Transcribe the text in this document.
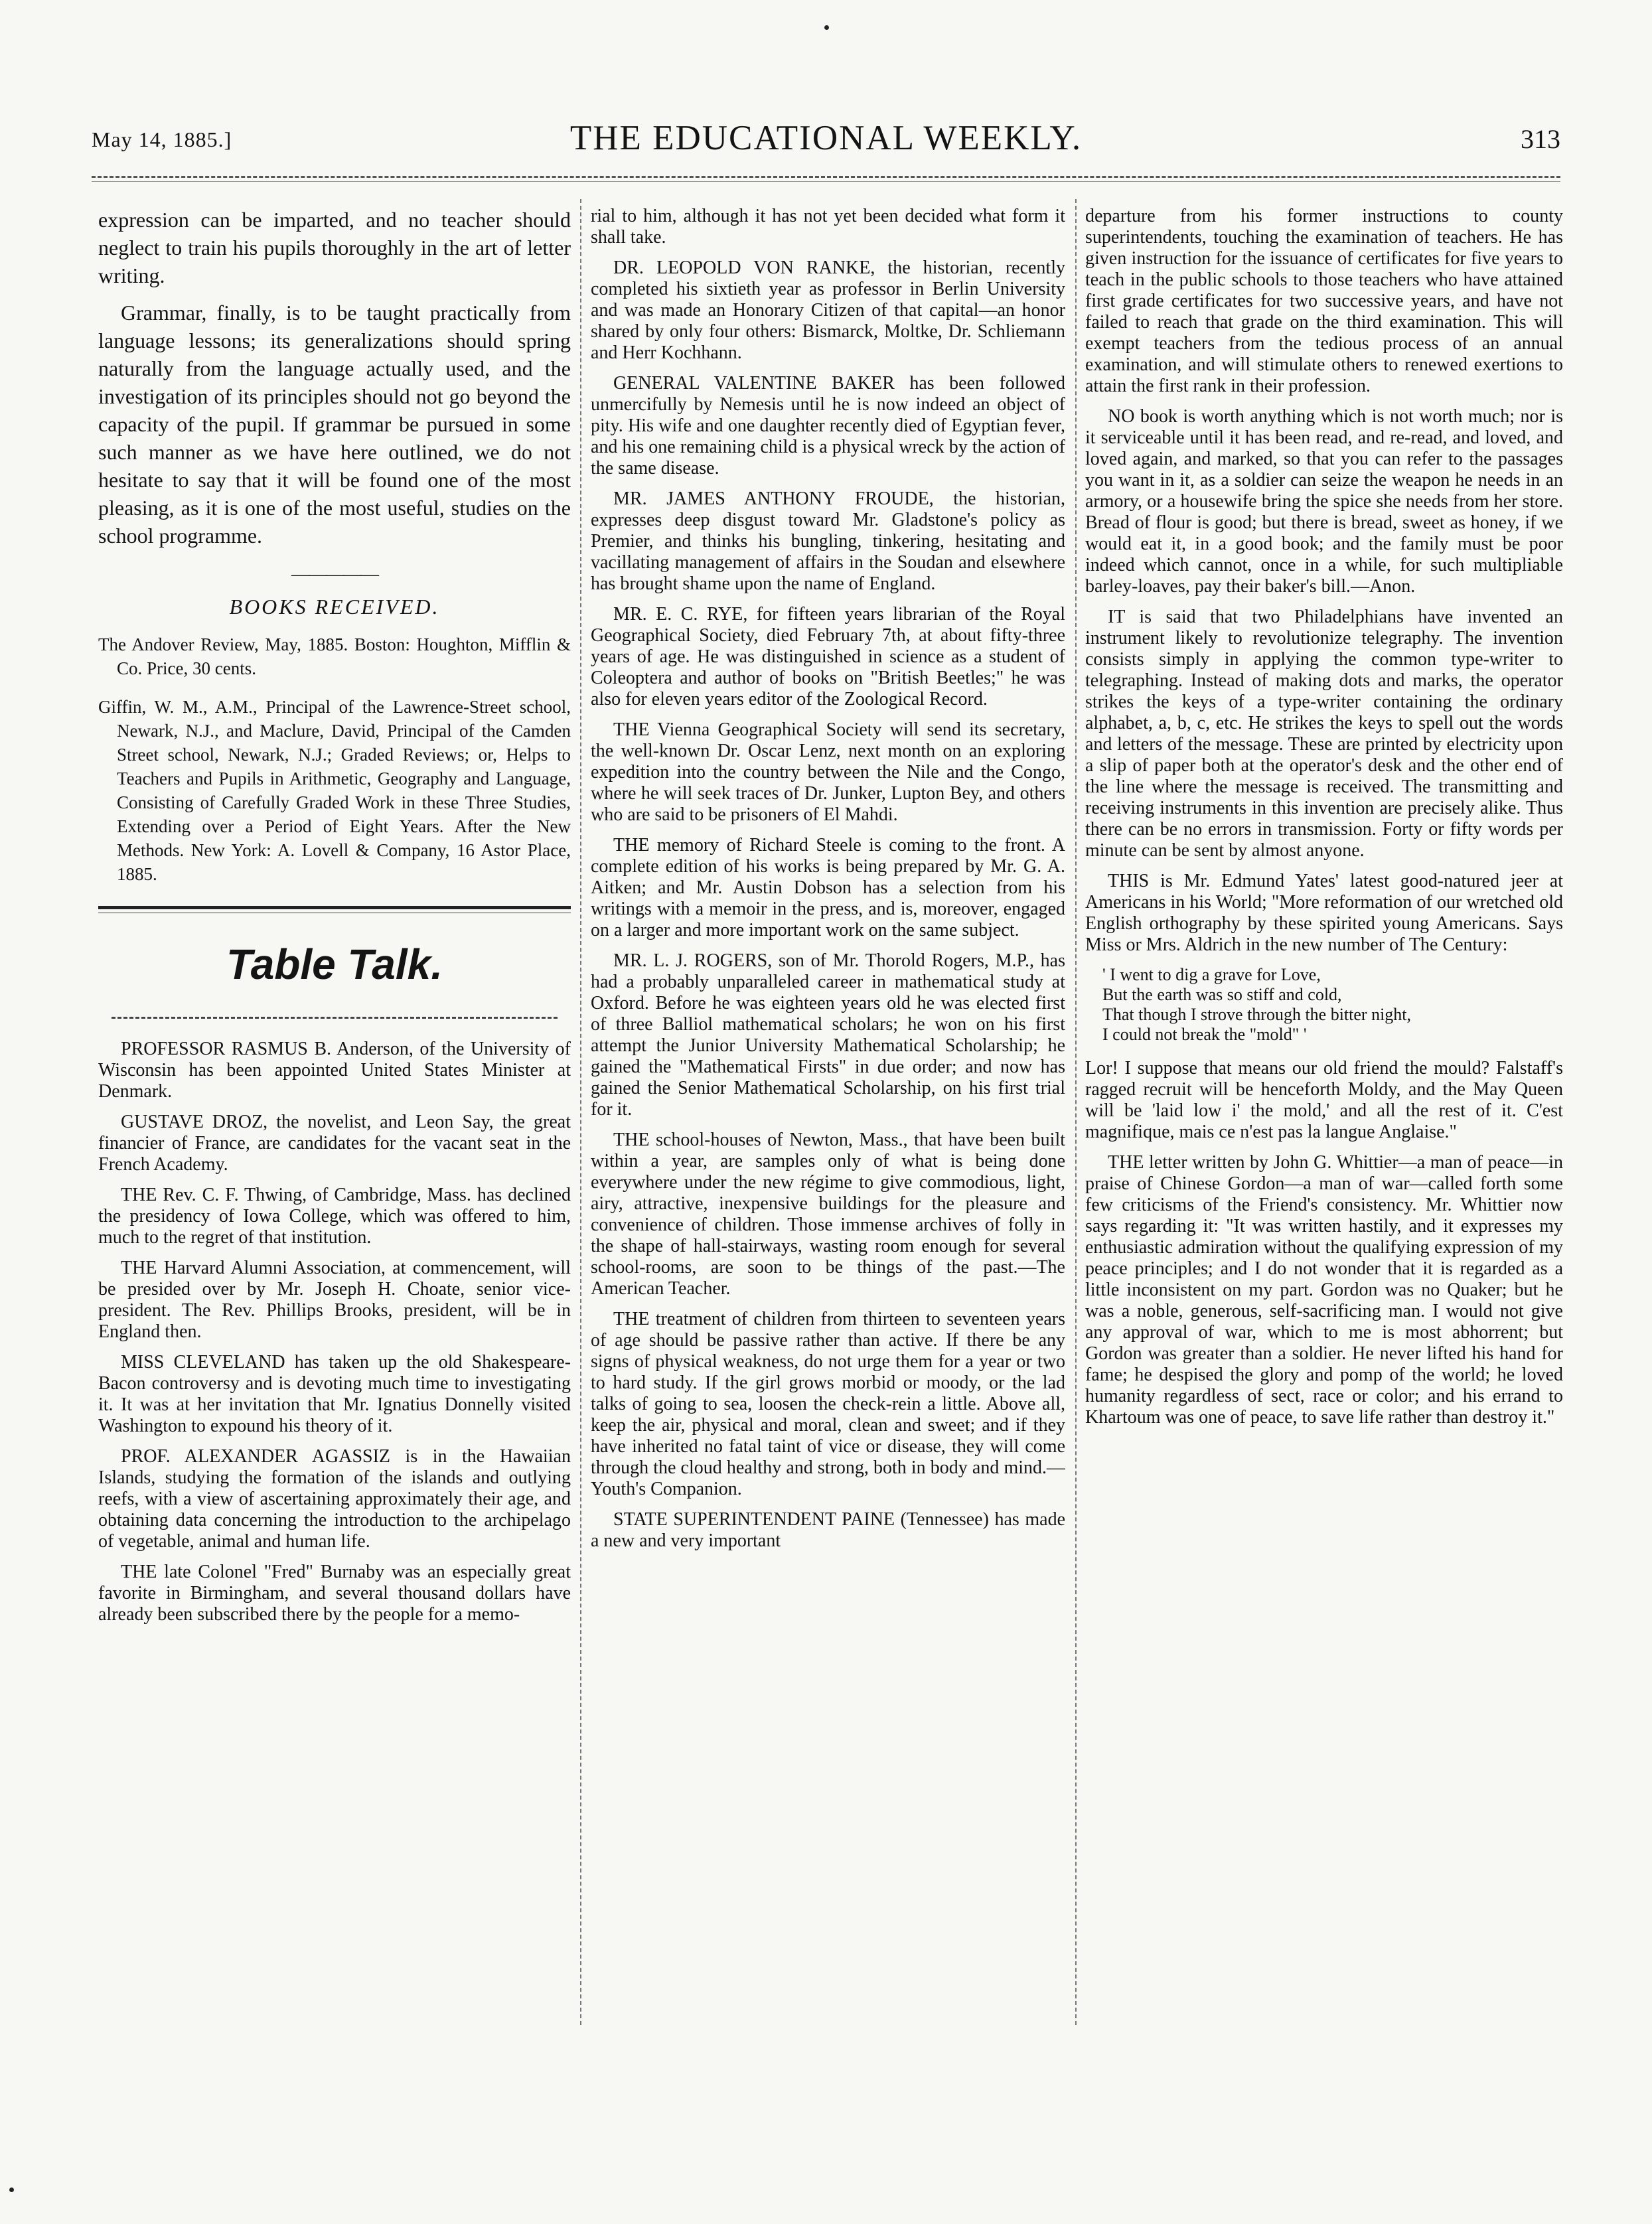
May 14, 1885.]	THE EDUCATIONAL WEEKLY.	313

expression can be imparted, and no teacher should neglect to train his pupils thoroughly in the art of letter writing.

Grammar, finally, is to be taught practically from language lessons; its generalizations should spring naturally from the language actually used, and the investigation of its principles should not go beyond the capacity of the pupil. If grammar be pursued in some such manner as we have here outlined, we do not hesitate to say that it will be found one of the most pleasing, as it is one of the most useful, studies on the school programme.

—————
BOOKS RECEIVED.
The Andover Review, May, 1885. Boston: Houghton, Mifflin & Co. Price, 30 cents.
Giffin, W. M., A.M., Principal of the Lawrence-Street school, Newark, N.J., and Maclure, David, Principal of the Camden Street school, Newark, N.J.; Graded Reviews; or, Helps to Teachers and Pupils in Arithmetic, Geography and Language, Consisting of Carefully Graded Work in these Three Studies, Extending over a Period of Eight Years. After the New Methods. New York: A. Lovell & Company, 16 Astor Place, 1885.
Table Talk.

PROFESSOR RASMUS B. Anderson, of the University of Wisconsin has been appointed United States Minister at Denmark.

GUSTAVE DROZ, the novelist, and Leon Say, the great financier of France, are candidates for the vacant seat in the French Academy.

THE Rev. C. F. Thwing, of Cambridge, Mass. has declined the presidency of Iowa College, which was offered to him, much to the regret of that institution.

THE Harvard Alumni Association, at commencement, will be presided over by Mr. Joseph H. Choate, senior vice-president. The Rev. Phillips Brooks, president, will be in England then.

MISS CLEVELAND has taken up the old Shakespeare-Bacon controversy and is devoting much time to investigating it. It was at her invitation that Mr. Ignatius Donnelly visited Washington to expound his theory of it.

PROF. ALEXANDER AGASSIZ is in the Hawaiian Islands, studying the formation of the islands and outlying reefs, with a view of ascertaining approximately their age, and obtaining data concerning the introduction to the archipelago of vegetable, animal and human life.

THE late Colonel "Fred" Burnaby was an especially great favorite in Birmingham, and several thousand dollars have already been subscribed there by the people for a memo-

rial to him, although it has not yet been decided what form it shall take.

DR. LEOPOLD VON RANKE, the historian, recently completed his sixtieth year as professor in Berlin University and was made an Honorary Citizen of that capital—an honor shared by only four others: Bismarck, Moltke, Dr. Schliemann and Herr Kochhann.

GENERAL VALENTINE BAKER has been followed unmercifully by Nemesis until he is now indeed an object of pity. His wife and one daughter recently died of Egyptian fever, and his one remaining child is a physical wreck by the action of the same disease.

MR. JAMES ANTHONY FROUDE, the historian, expresses deep disgust toward Mr. Gladstone's policy as Premier, and thinks his bungling, tinkering, hesitating and vacillating management of affairs in the Soudan and elsewhere has brought shame upon the name of England.

MR. E. C. RYE, for fifteen years librarian of the Royal Geographical Society, died February 7th, at about fifty-three years of age. He was distinguished in science as a student of Coleoptera and author of books on "British Beetles;" he was also for eleven years editor of the Zoological Record.

THE Vienna Geographical Society will send its secretary, the well-known Dr. Oscar Lenz, next month on an exploring expedition into the country between the Nile and the Congo, where he will seek traces of Dr. Junker, Lupton Bey, and others who are said to be prisoners of El Mahdi.

THE memory of Richard Steele is coming to the front. A complete edition of his works is being prepared by Mr. G. A. Aitken; and Mr. Austin Dobson has a selection from his writings with a memoir in the press, and is, moreover, engaged on a larger and more important work on the same subject.

MR. L. J. ROGERS, son of Mr. Thorold Rogers, M.P., has had a probably unparalleled career in mathematical study at Oxford. Before he was eighteen years old he was elected first of three Balliol mathematical scholars; he won on his first attempt the Junior University Mathematical Scholarship; he gained the "Mathematical Firsts" in due order; and now has gained the Senior Mathematical Scholarship, on his first trial for it.

THE school-houses of Newton, Mass., that have been built within a year, are samples only of what is being done everywhere under the new régime to give commodious, light, airy, attractive, inexpensive buildings for the pleasure and convenience of children. Those immense archives of folly in the shape of hall-stairways, wasting room enough for several school-rooms, are soon to be things of the past.—The American Teacher.

THE treatment of children from thirteen to seventeen years of age should be passive rather than active. If there be any signs of physical weakness, do not urge them for a year or two to hard study. If the girl grows morbid or moody, or the lad talks of going to sea, loosen the check-rein a little. Above all, keep the air, physical and moral, clean and sweet; and if they have inherited no fatal taint of vice or disease, they will come through the cloud healthy and strong, both in body and mind.—Youth's Companion.

STATE SUPERINTENDENT PAINE (Tennessee) has made a new and very important

departure from his former instructions to county superintendents, touching the examination of teachers. He has given instruction for the issuance of certificates for five years to teach in the public schools to those teachers who have attained first grade certificates for two successive years, and have not failed to reach that grade on the third examination. This will exempt teachers from the tedious process of an annual examination, and will stimulate others to renewed exertions to attain the first rank in their profession.

NO book is worth anything which is not worth much; nor is it serviceable until it has been read, and re-read, and loved, and loved again, and marked, so that you can refer to the passages you want in it, as a soldier can seize the weapon he needs in an armory, or a housewife bring the spice she needs from her store. Bread of flour is good; but there is bread, sweet as honey, if we would eat it, in a good book; and the family must be poor indeed which cannot, once in a while, for such multipliable barley-loaves, pay their baker's bill.—Anon.

IT is said that two Philadelphians have invented an instrument likely to revolutionize telegraphy. The invention consists simply in applying the common type-writer to telegraphing. Instead of making dots and marks, the operator strikes the keys of a type-writer containing the ordinary alphabet, a, b, c, etc. He strikes the keys to spell out the words and letters of the message. These are printed by electricity upon a slip of paper both at the operator's desk and the other end of the line where the message is received. The transmitting and receiving instruments in this invention are precisely alike. Thus there can be no errors in transmission. Forty or fifty words per minute can be sent by almost anyone.

THIS is Mr. Edmund Yates' latest good-natured jeer at Americans in his World; "More reformation of our wretched old English orthography by these spirited young Americans. Says Miss or Mrs. Aldrich in the new number of The Century:

' I went to dig a grave for Love,
But the earth was so stiff and cold,
That though I strove through the bitter night,
I could not break the "mold" '

Lor! I suppose that means our old friend the mould? Falstaff's ragged recruit will be henceforth Moldy, and the May Queen will be 'laid low i' the mold,' and all the rest of it. C'est magnifique, mais ce n'est pas la langue Anglaise."

THE letter written by John G. Whittier—a man of peace—in praise of Chinese Gordon—a man of war—called forth some few criticisms of the Friend's consistency. Mr. Whittier now says regarding it: "It was written hastily, and it expresses my enthusiastic admiration without the qualifying expression of my peace principles; and I do not wonder that it is regarded as a little inconsistent on my part. Gordon was no Quaker; but he was a noble, generous, self-sacrificing man. I would not give any approval of war, which to me is most abhorrent; but Gordon was greater than a soldier. He never lifted his hand for fame; he despised the glory and pomp of the world; he loved humanity regardless of sect, race or color; and his errand to Khartoum was one of peace, to save life rather than destroy it."
